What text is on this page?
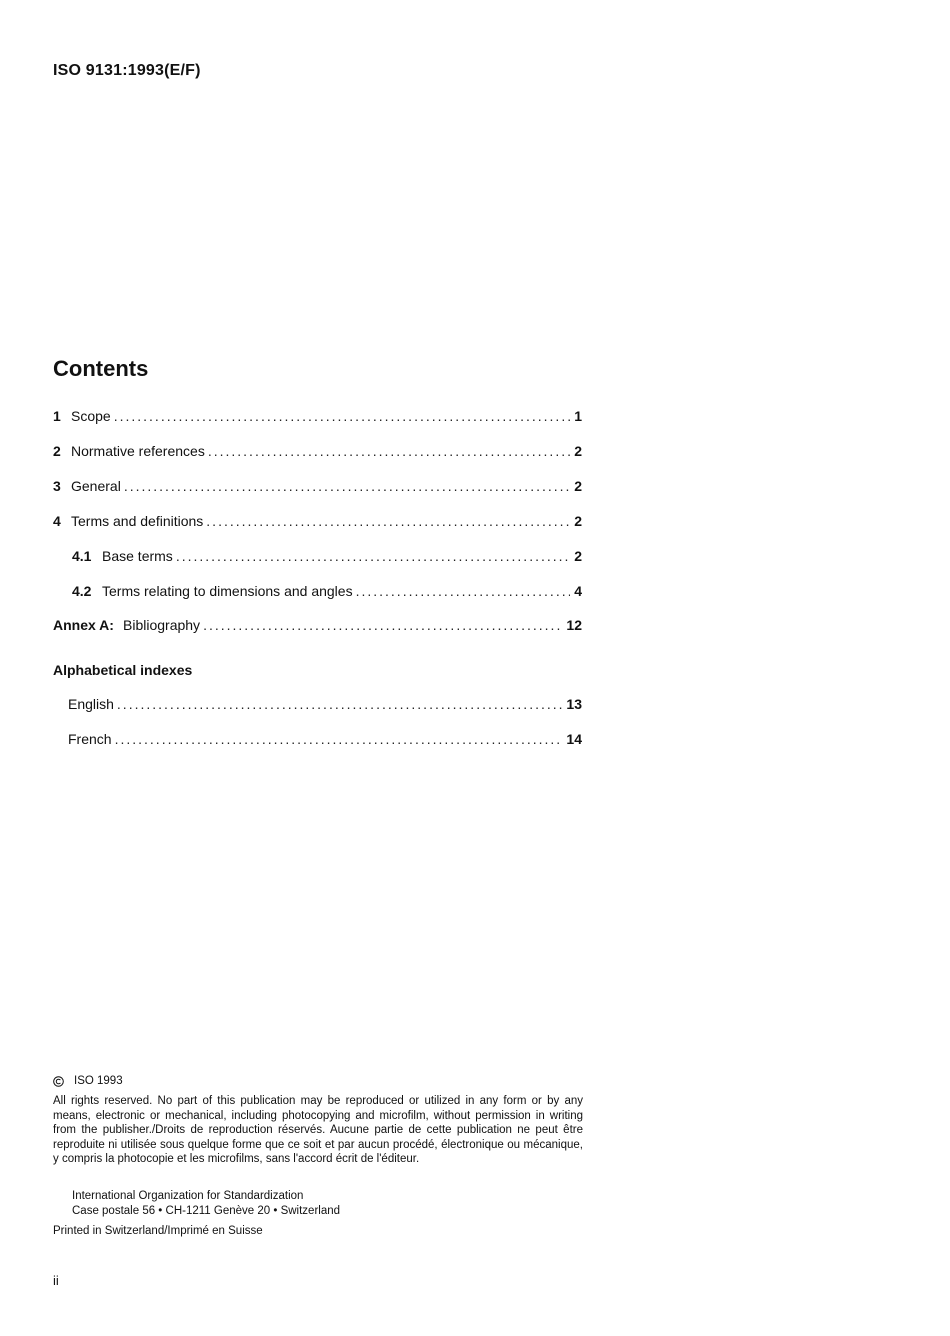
ISO 9131:1993(E/F)
Contents
1 Scope .....	1
2 Normative references .....	2
3 General .....	2
4 Terms and definitions .....	2
4.1 Base terms .....	2
4.2 Terms relating to dimensions and angles .....	4
Annex A: Bibliography .....	12
Alphabetical indexes
English .....	13
French .....	14
ISO 1993
All rights reserved. No part of this publication may be reproduced or utilized in any form or by any means, electronic or mechanical, including photocopying and microfilm, without permission in writing from the publisher./Droits de reproduction réservés. Aucune partie de cette publication ne peut être reproduite ni utilisée sous quelque forme que ce soit et par aucun procédé, électronique ou mécanique, y compris la photocopie et les microfilms, sans l'accord écrit de l'éditeur.
International Organization for Standardization
Case postale 56 • CH-1211 Genève 20 • Switzerland
Printed in Switzerland/Imprimé en Suisse
ii
